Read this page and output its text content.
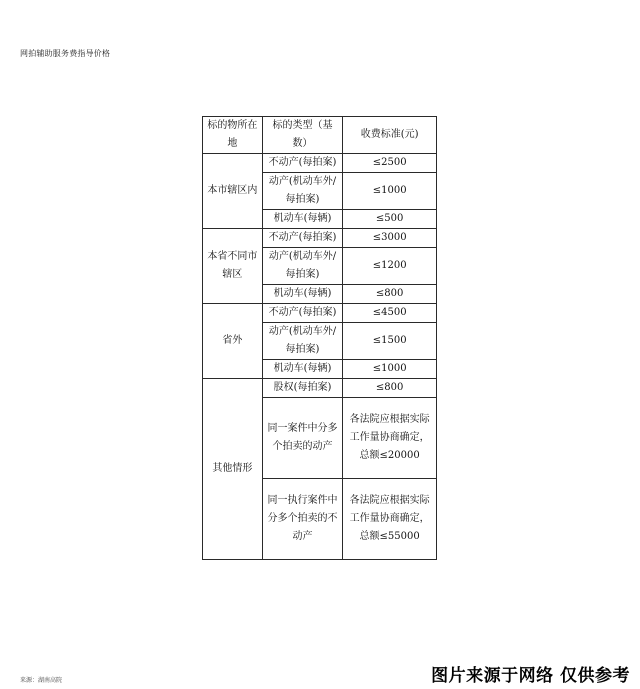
网拍辅助服务费指导价格
标的物所在地	标的类型（基数）	收费标准(元)
本市辖区内	不动产(每拍案)	≤2500
	动产(机动车外/每拍案)	≤1000
	机动车(每辆)	≤500
本省不同市辖区	不动产(每拍案)	≤3000
	动产(机动车外/每拍案)	≤1200
	机动车(每辆)	≤800
省外	不动产(每拍案)	≤4500
	动产(机动车外/每拍案)	≤1500
	机动车(每辆)	≤1000
其他情形	股权(每拍案)	≤800
	同一案件中分多个拍卖的动产	各法院应根据实际工作量协商确定，总额≤20000
	同一执行案件中分多个拍卖的不动产	各法院应根据实际工作量协商确定，总额≤55000
来源：湖南高院	图片来源于网络 仅供参考
